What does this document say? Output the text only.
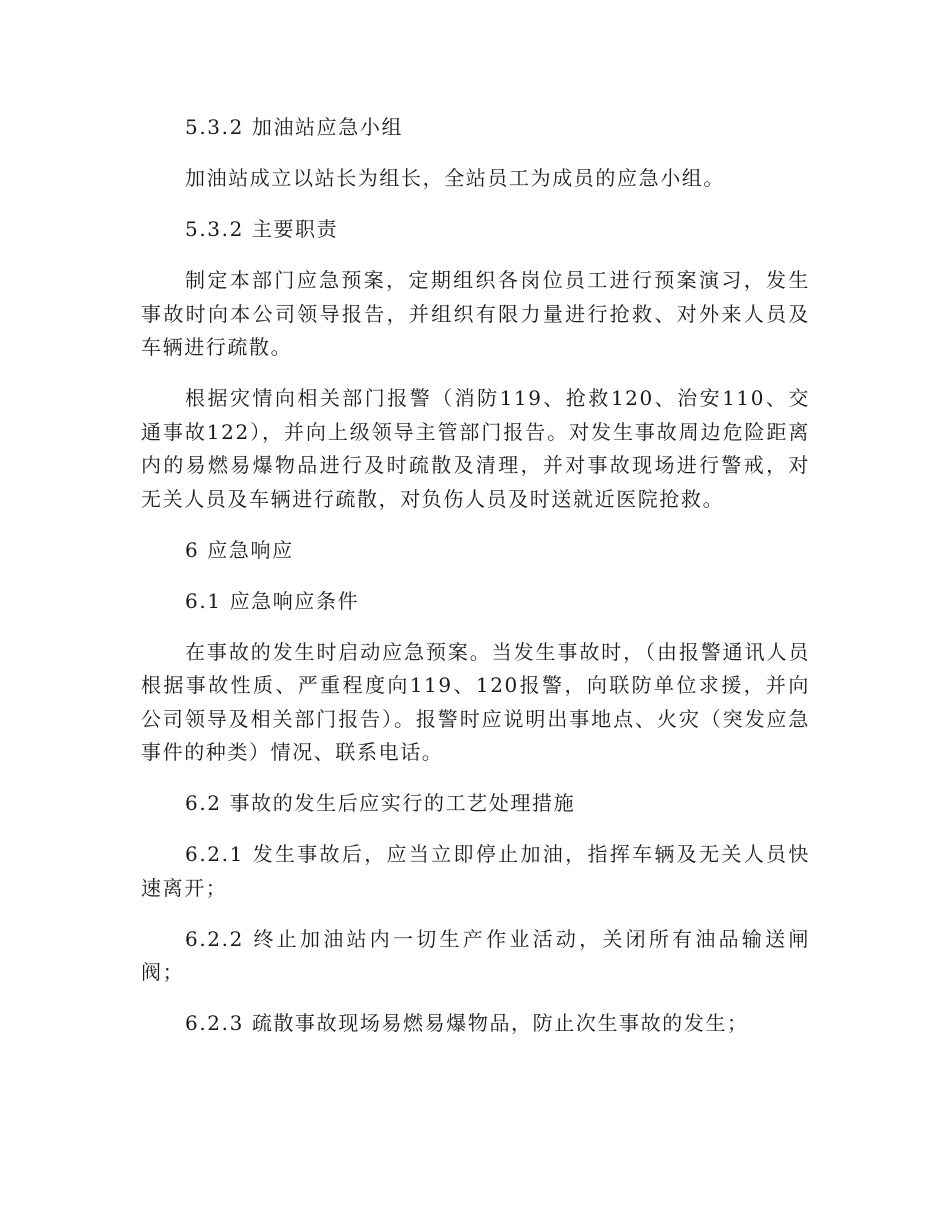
5.3.2 加油站应急小组

加油站成立以站长为组长，全站员工为成员的应急小组。

5.3.2 主要职责

制定本部门应急预案，定期组织各岗位员工进行预案演习，发生事故时向本公司领导报告，并组织有限力量进行抢救、对外来人员及车辆进行疏散。

根据灾情向相关部门报警（消防119、抢救120、治安110、交通事故122），并向上级领导主管部门报告。对发生事故周边危险距离内的易燃易爆物品进行及时疏散及清理，并对事故现场进行警戒，对无关人员及车辆进行疏散，对负伤人员及时送就近医院抢救。

6 应急响应

6.1 应急响应条件

在事故的发生时启动应急预案。当发生事故时，（由报警通讯人员根据事故性质、严重程度向119、120报警，向联防单位求援，并向公司领导及相关部门报告）。报警时应说明出事地点、火灾（突发应急事件的种类）情况、联系电话。

6.2 事故的发生后应实行的工艺处理措施

6.2.1 发生事故后，应当立即停止加油，指挥车辆及无关人员快速离开；

6.2.2 终止加油站内一切生产作业活动，关闭所有油品输送闸阀；

6.2.3 疏散事故现场易燃易爆物品，防止次生事故的发生；
